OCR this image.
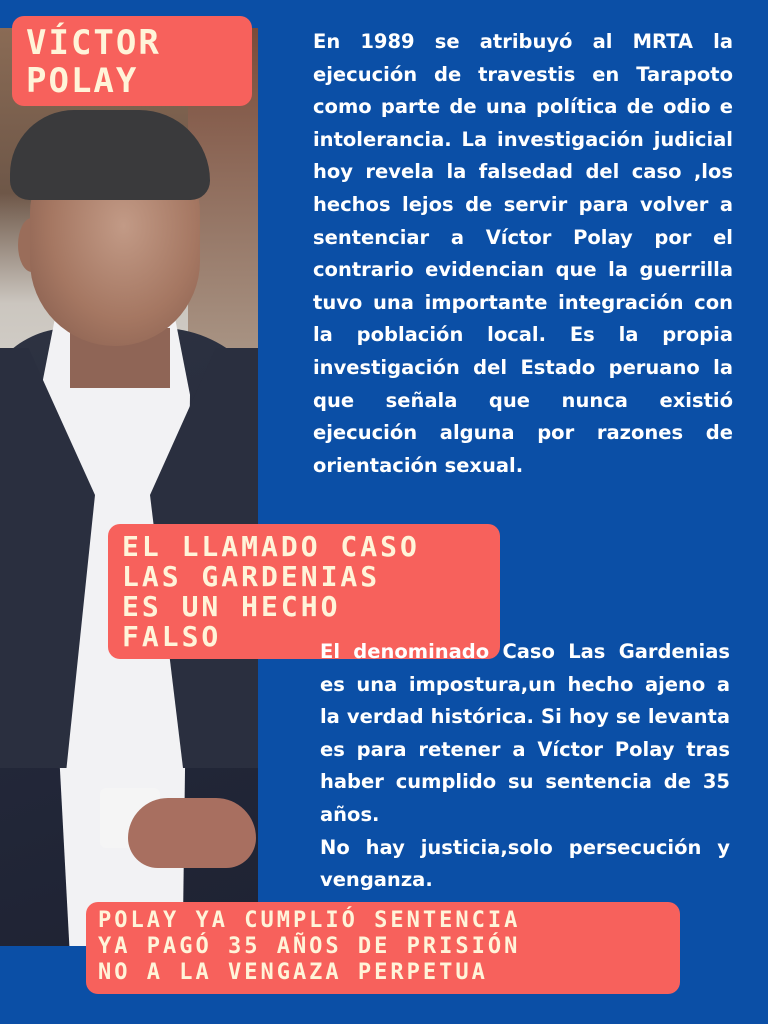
VÍCTOR
POLAY

En 1989 se atribuyó al MRTA la ejecución de travestis en Tarapoto como parte de una política de odio e intolerancia. La investigación judicial hoy revela la falsedad del caso ,los hechos lejos de servir para volver a sentenciar a Víctor Polay por el contrario evidencian que la guerrilla tuvo una importante integración con la población local. Es la propia investigación del Estado peruano la que señala que nunca existió ejecución alguna por razones de orientación sexual.

EL LLAMADO CASO
LAS GARDENIAS
ES UN HECHO
FALSO	El denominado Caso Las Gardenias es una impostura,un hecho ajeno a la verdad histórica. Si hoy se levanta es para retener a Víctor Polay tras haber cumplido su sentencia de 35 años.
No hay justicia,solo persecución y venganza.
POLAY YA CUMPLIÓ SENTENCIA
YA PAGÓ 35 AÑOS DE PRISIÓN
NO A LA VENGAZA PERPETUA
